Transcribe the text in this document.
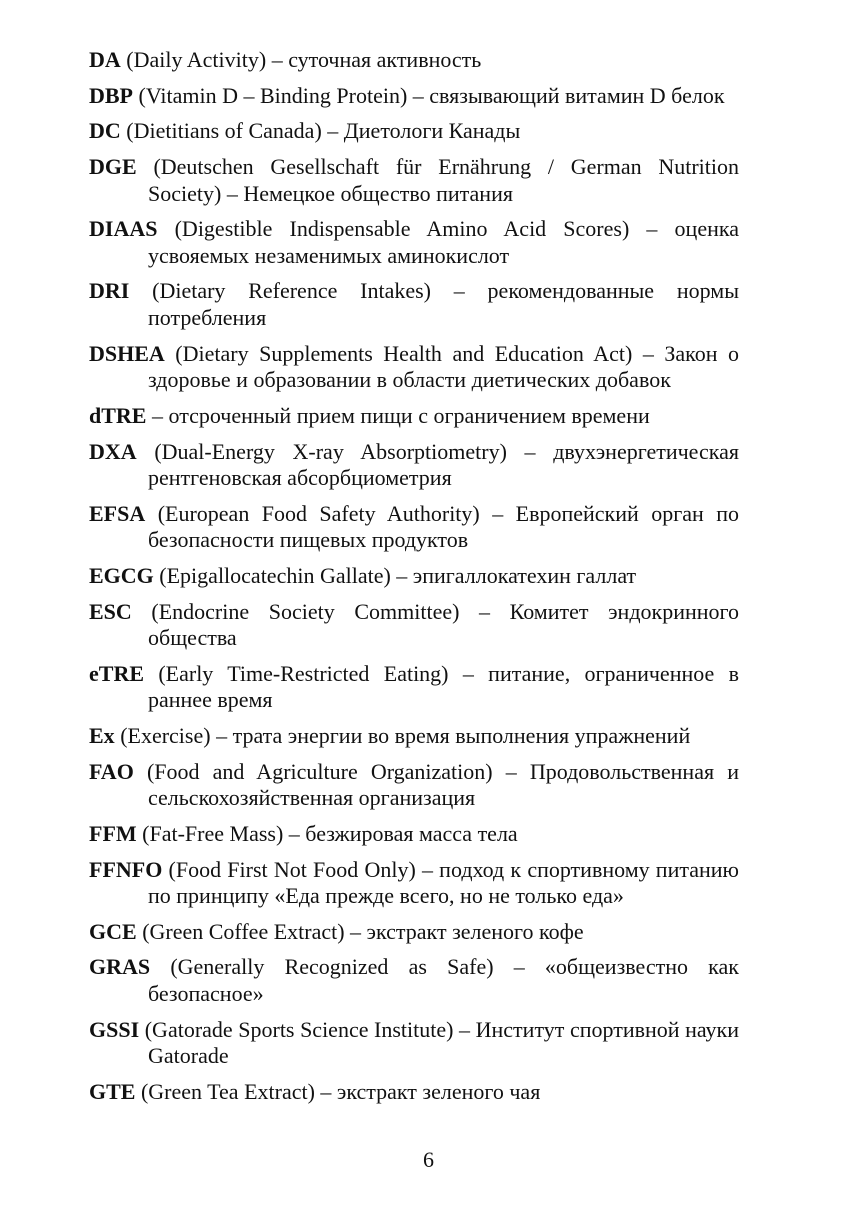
DA (Daily Activity) – суточная активность

DBP (Vitamin D – Binding Protein) – связывающий витамин D белок

DC (Dietitians of Canada) – Диетологи Канады

DGE (Deutschen Gesellschaft für Ernährung / German Nutrition Society) – Немецкое общество питания

DIAAS (Digestible Indispensable Amino Acid Scores) – оценка усвояемых незаменимых аминокислот

DRI (Dietary Reference Intakes) – рекомендованные нормы потребления

DSHEA (Dietary Supplements Health and Education Act) – Закон о здоровье и образовании в области диетических добавок

dTRE – отсроченный прием пищи с ограничением времени

DXA (Dual-Energy X-ray Absorptiometry) – двухэнергетическая рентгеновская абсорбциометрия

EFSA (European Food Safety Authority) – Европейский орган по безопасности пищевых продуктов

EGCG (Epigallocatechin Gallate) – эпигаллокатехин галлат

ESC (Endocrine Society Committee) – Комитет эндокринного общества

eTRE (Early Time-Restricted Eating) – питание, ограниченное в раннее время

Ex (Exercise) – трата энергии во время выполнения упражнений

FAO (Food and Agriculture Organization) – Продовольственная и сельскохозяйственная организация

FFM (Fat-Free Mass) – безжировая масса тела

FFNFO (Food First Not Food Only) – подход к спортивному питанию по принципу «Еда прежде всего, но не только еда»

GCE (Green Coffee Extract) – экстракт зеленого кофе

GRAS (Generally Recognized as Safe) – «общеизвестно как безопасное»

GSSI (Gatorade Sports Science Institute) – Институт спортивной науки Gatorade

GTE (Green Tea Extract) – экстракт зеленого чая

6
